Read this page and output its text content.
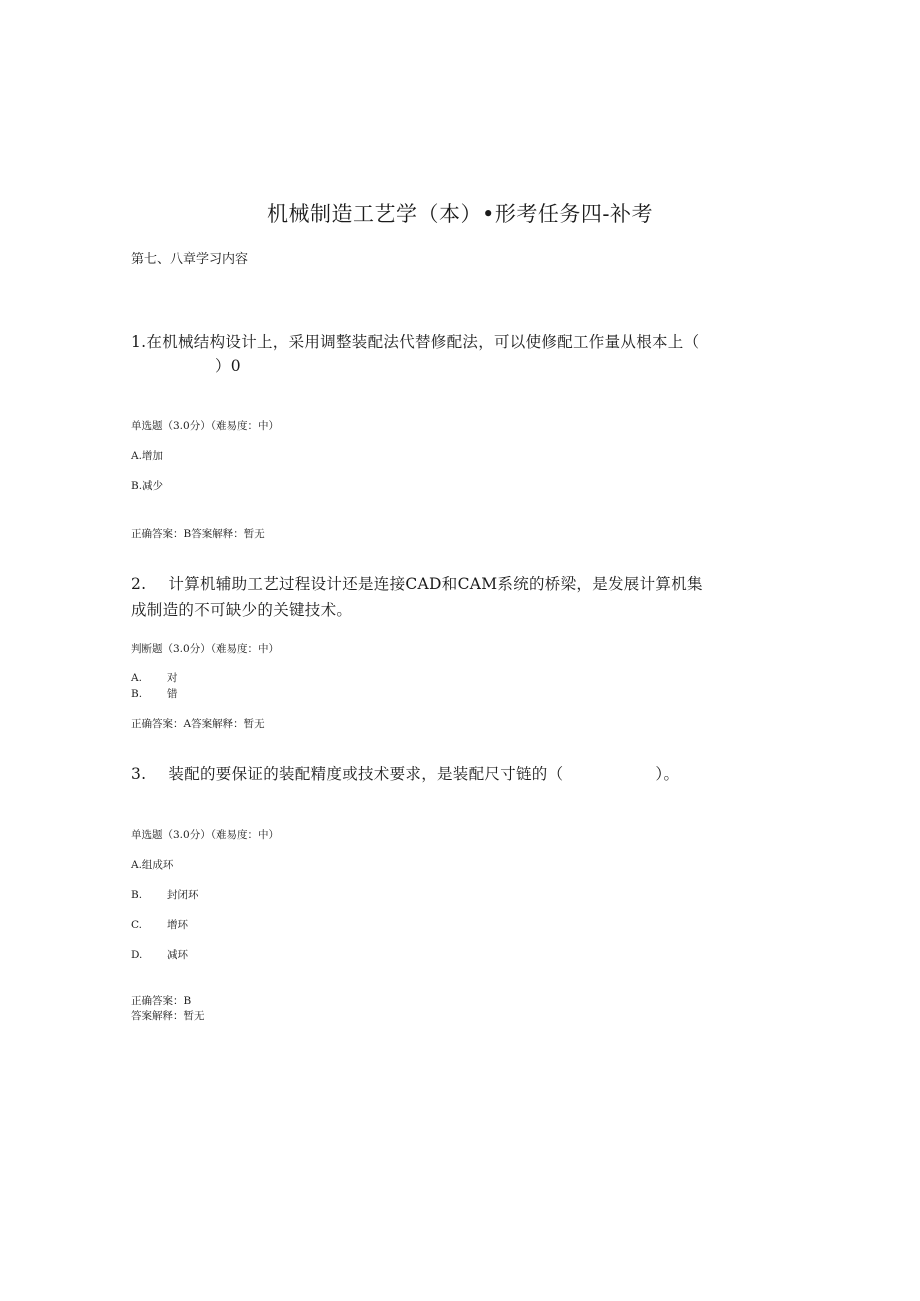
机械制造工艺学（本）•形考任务四-补考
第七、八章学习内容
1.在机械结构设计上，采用调整装配法代替修配法，可以使修配工作量从根本上（
）0
单选题（3.0分）（难易度：中）
A.增加
B.减少
正确答案：B答案解释：暂无
2. 计算机辅助工艺过程设计还是连接CAD和CAM系统的桥梁，是发展计算机集
成制造的不可缺少的关键技术。
判断题（3.0分）（难易度：中）
A. 对
B. 错
正确答案：A答案解释：暂无
3. 装配的要保证的装配精度或技术要求，是装配尺寸链的（	）。
单选题（3.0分）（难易度：中）
A.组成环
B. 封闭环
C. 增环
D. 减环
正确答案：B
答案解释：暂无
